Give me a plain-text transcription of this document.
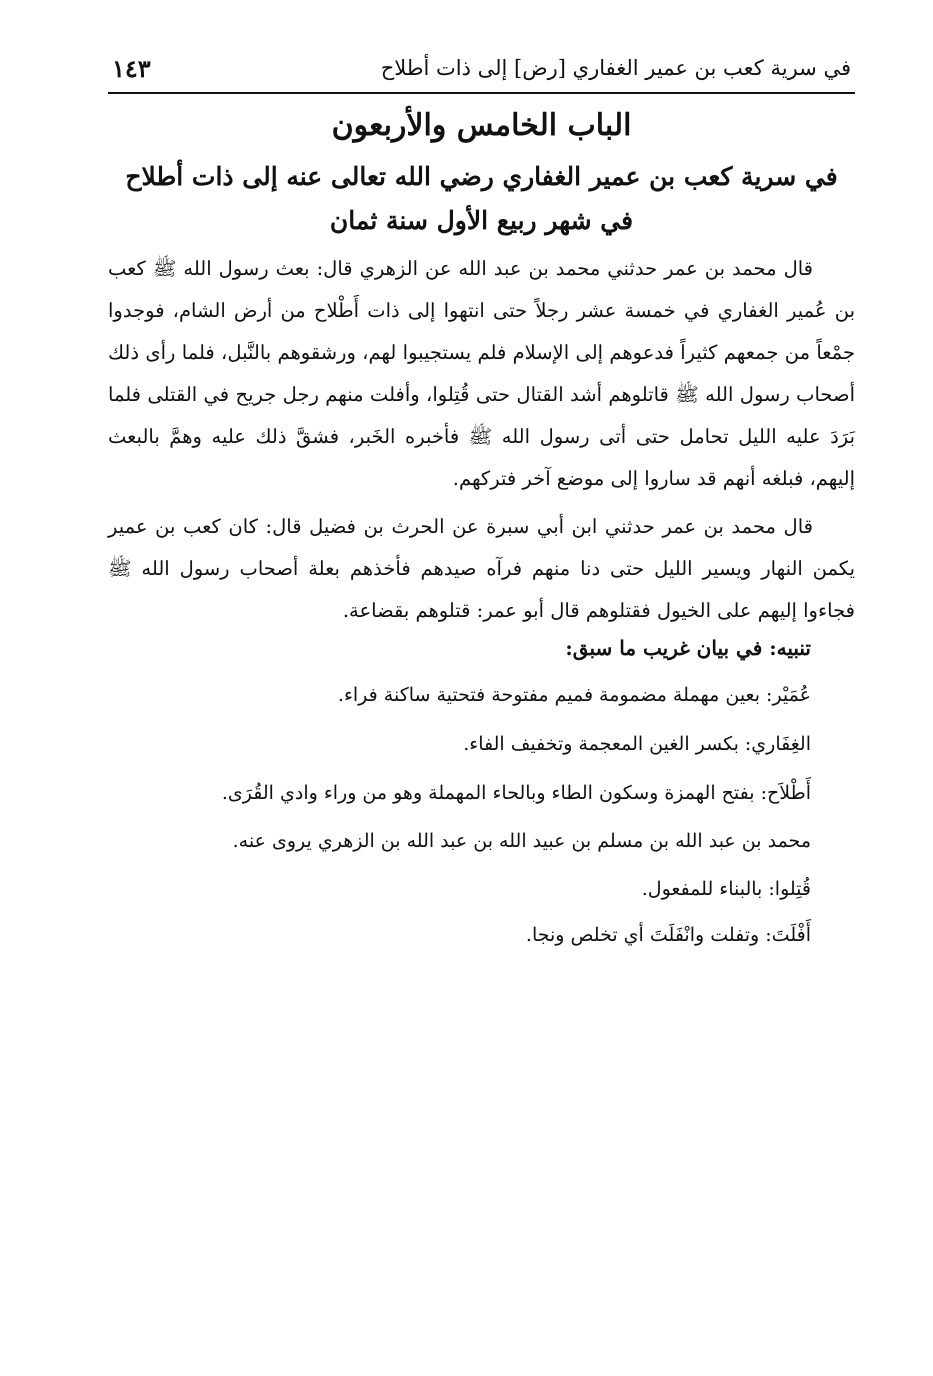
في سرية كعب بن عمير الغفاري [رض] إلى ذات أطلاح
١٤٣
الباب الخامس والأربعون
في سرية كعب بن عمير الغفاري رضي الله تعالى عنه إلى ذات أطلاح
في شهر ربيع الأول سنة ثمان

قال محمد بن عمر حدثني محمد بن عبد الله عن الزهري قال: بعث رسول الله ﷺ كعب بن عُمير الغفاري في خمسة عشر رجلاً حتى انتهوا إلى ذات أَطْلاح من أرض الشام، فوجدوا جمْعاً من جمعهم كثيراً فدعوهم إلى الإسلام فلم يستجيبوا لهم، ورشقوهم بالنَّبل، فلما رأى ذلك أصحاب رسول الله ﷺ قاتلوهم أشد القتال حتى قُتِلوا، وأفلت منهم رجل جريح في القتلى فلما بَرَدَ عليه الليل تحامل حتى أتى رسول الله ﷺ فأخبره الخَبر، فشقَّ ذلك عليه وهمَّ بالبعث إليهم، فبلغه أنهم قد ساروا إلى موضع آخر فتركهم.

قال محمد بن عمر حدثني ابن أبي سبرة عن الحرث بن فضيل قال: كان كعب بن عمير يكمن النهار ويسير الليل حتى دنا منهم فرآه صيدهم فأخذهم بعلة أصحاب رسول الله ﷺ فجاءوا إليهم على الخيول فقتلوهم قال أبو عمر: قتلوهم بقضاعة.

تنبيه: في بيان غريب ما سبق:
عُمَيْر: بعين مهملة مضمومة فميم مفتوحة فتحتية ساكنة فراء.
الغِفَاري: بكسر الغين المعجمة وتخفيف الفاء.
أَطْلاَح: بفتح الهمزة وسكون الطاء وبالحاء المهملة وهو من وراء وادي القُرَى.
محمد بن عبد الله بن مسلم بن عبيد الله بن عبد الله بن الزهري يروى عنه.
قُتِلوا: بالبناء للمفعول.
أَفْلَتَ: وتفلت وانْفَلَتَ أي تخلص ونجا.
